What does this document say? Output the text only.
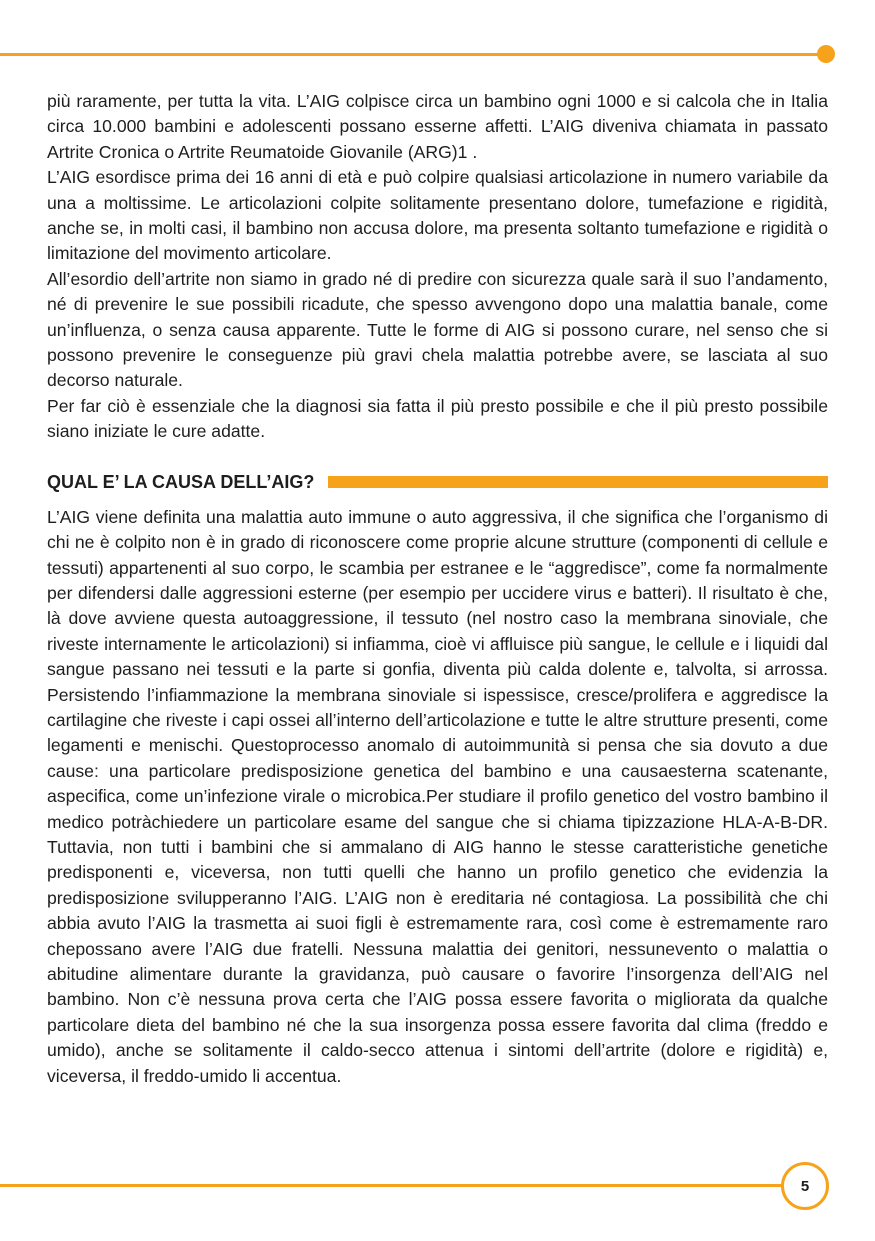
più raramente, per tutta la vita. L’AIG colpisce circa un bambino ogni 1000 e si calcola che in Italia circa 10.000 bambini e adolescenti possano esserne affetti. L’AIG diveniva chiamata in passato Artrite Cronica o Artrite Reumatoide Giovanile (ARG)1 .

L’AIG esordisce prima dei 16 anni di età e può colpire qualsiasi articolazione in numero variabile da una a moltissime. Le articolazioni colpite solitamente presentano dolore, tumefazione e rigidità, anche se, in molti casi, il bambino non accusa dolore, ma presenta soltanto tumefazione e rigidità o limitazione del movimento articolare.

All’esordio dell’artrite non siamo in grado né di predire con sicurezza quale sarà il suo l’andamento, né di prevenire le sue possibili ricadute, che spesso avvengono dopo una malattia banale, come un’influenza, o senza causa apparente. Tutte le forme di AIG si possono curare, nel senso che si possono prevenire le conseguenze più gravi chela malattia potrebbe avere, se lasciata al suo decorso naturale.

Per far ciò è essenziale che la diagnosi sia fatta il più presto possibile e che il più presto possibile siano iniziate le cure adatte.

QUAL E’ LA CAUSA DELL’AIG?

L’AIG viene definita una malattia auto immune o auto aggressiva, il che significa che l’organismo di chi ne è colpito non è in grado di riconoscere come proprie alcune strutture (componenti di cellule e tessuti) appartenenti al suo corpo, le scambia per estranee e le “aggredisce”, come fa normalmente per difendersi dalle aggressioni esterne (per esempio per uccidere virus e batteri). Il risultato è che, là dove avviene questa autoaggressione, il tessuto (nel nostro caso la membrana sinoviale, che riveste internamente le articolazioni) si infiamma, cioè vi affluisce più sangue, le cellule e i liquidi dal sangue passano nei tessuti e la parte si gonfia, diventa più calda dolente e, talvolta, si arrossa. Persistendo l’infiammazione la membrana sinoviale si ispessisce, cresce/prolifera e aggredisce la cartilagine che riveste i capi ossei all’interno dell’articolazione e tutte le altre strutture presenti, come legamenti e menischi. Questoprocesso anomalo di autoimmunità si pensa che sia dovuto a due cause: una particolare predisposizione genetica del bambino e una causaesterna scatenante, aspecifica, come un’infezione virale o microbica.Per studiare il profilo genetico del vostro bambino il medico potràchiedere un particolare esame del sangue che si chiama tipizzazione HLA-A-B-DR. Tuttavia, non tutti i bambini che si ammalano di AIG hanno le stesse caratteristiche genetiche predisponenti e, viceversa, non tutti quelli che hanno un profilo genetico che evidenzia la predisposizione svilupperanno l’AIG. L’AIG non è ereditaria né contagiosa. La possibilità che chi abbia avuto l’AIG la trasmetta ai suoi figli è estremamente rara, così come è estremamente raro chepossano avere l’AIG due fratelli. Nessuna malattia dei genitori, nessunevento o malattia o abitudine alimentare durante la gravidanza, può causare o favorire l’insorgenza dell’AIG nel bambino. Non c’è nessuna prova certa che l’AIG possa essere favorita o migliorata da qualche particolare dieta del bambino né che la sua insorgenza possa essere favorita dal clima (freddo e umido), anche se solitamente il caldo-secco attenua i sintomi dell’artrite (dolore e rigidità) e, viceversa, il freddo-umido li accentua.

5
